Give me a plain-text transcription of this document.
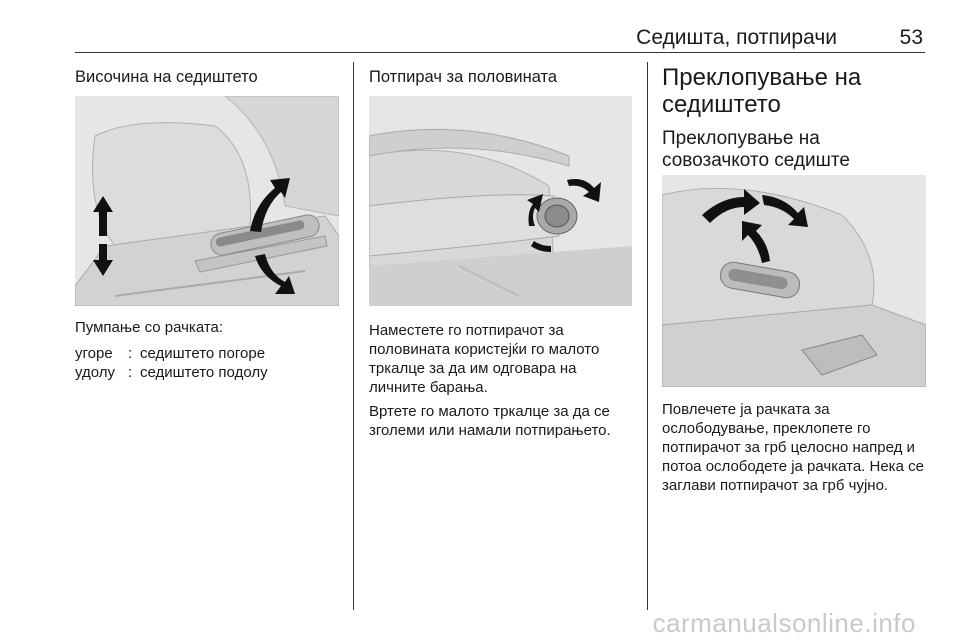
Седишта, потпирачи	53
Височина на седиштето
Пумпање со рачката:
угоре : седиштето погоре
удолу : седиштето подолу
Потпирач за половината

Наместете го потпирачот за половината користејќи го малото тркалце за да им одговара на личните барања.

Вртете го малото тркалце за да се зголеми или намали потпирањето.

Преклопување на седиштето
Преклопување на совозачкото седиште

Повлечете ја рачката за ослободување, преклопете го потпирачот за грб целосно напред и потоа ослободете ја рачката. Нека се заглави потпирачот за грб чујно.

carmanualsonline.info
